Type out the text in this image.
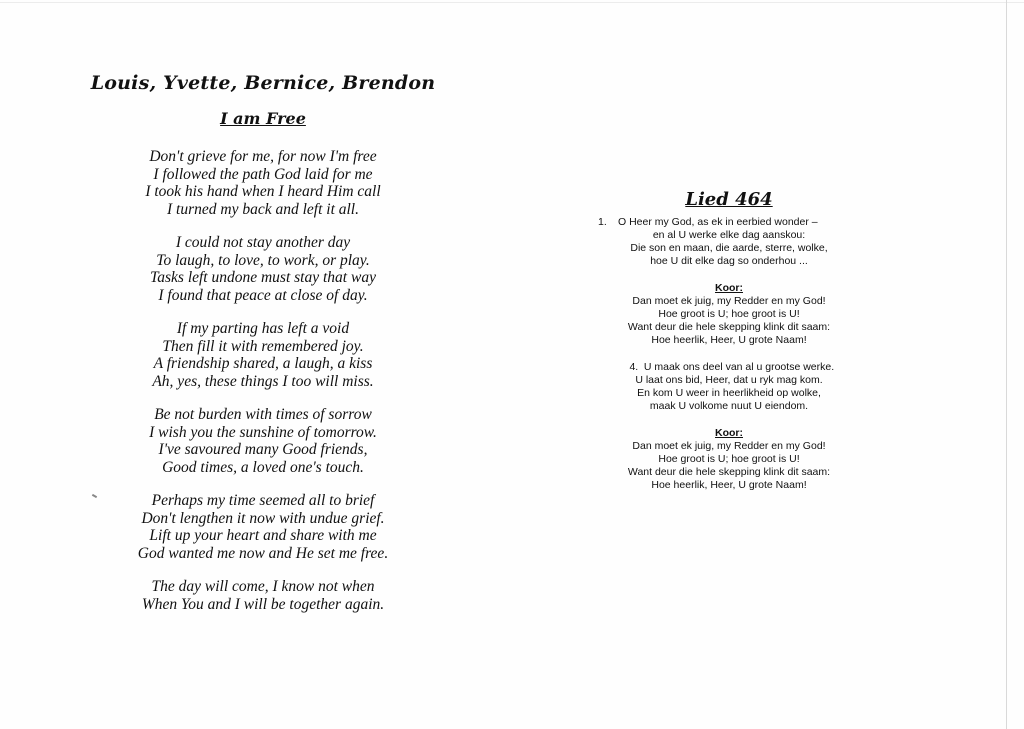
Louis, Yvette, Bernice, Brendon
I am Free
Don't grieve for me, for now I'm free
I followed the path God laid for me
I took his hand when I heard Him call
I turned my back and left it all.
I could not stay another day
To laugh, to love, to work, or play.
Tasks left undone must stay that way
I found that peace at close of day.
If my parting has left a void
Then fill it with remembered joy.
A friendship shared, a laugh, a kiss
Ah, yes, these things I too will miss.
Be not burden with times of sorrow
I wish you the sunshine of tomorrow.
I've savoured many Good friends,
Good times, a loved one's touch.
Perhaps my time seemed all to brief
Don't lengthen it now with undue grief.
Lift up your heart and share with me
God wanted me now and He set me free.
The day will come, I know not when
When You and I will be together again.
Lied 464
1. O Heer my God, as ek in eerbied wonder –
en al U werke elke dag aanskou:
Die son en maan, die aarde, sterre, wolke,
hoe U dit elke dag so onderhou ...
Koor:
Dan moet ek juig, my Redder en my God!
Hoe groot is U; hoe groot is U!
Want deur die hele skepping klink dit saam:
Hoe heerlik, Heer, U grote Naam!
4. U maak ons deel van al u grootse werke.
U laat ons bid, Heer, dat u ryk mag kom.
En kom U weer in heerlikheid op wolke,
maak U volkome nuut U eiendom.
Koor:
Dan moet ek juig, my Redder en my God!
Hoe groot is U; hoe groot is U!
Want deur die hele skepping klink dit saam:
Hoe heerlik, Heer, U grote Naam!
